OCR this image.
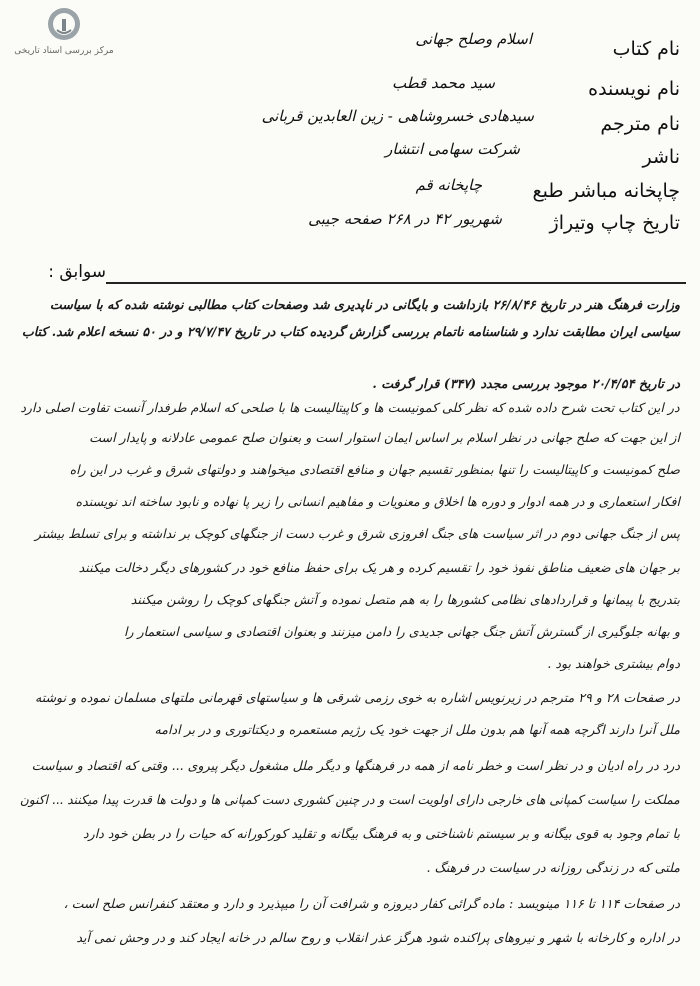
مرکز بررسی اسناد تاریخی	نام کتاب
اسلام وصلح جهانی
نام نویسنده
سید محمد قطب
نام مترجم
سیدهادی خسروشاهی - زین العابدین قربانی
ناشر
شرکت سهامی انتشار
چاپخانه مباشر طبع
چاپخانه قم
تاریخ چاپ وتیراژ
شهریور ۴۲ در ۲۶۸ صفحه جیبی
سوابق :
وزارت فرهنگ هنر در تاریخ ۲۶/۸/۴۶ بازداشت و بایگانی در ناپدیری شد وصفحات کتاب مطالبی نوشته شده که با سیاست
سیاسی ایران مطابقت ندارد و شناسنامه ناتمام بررسی گزارش گردیده کتاب در تاریخ ۲۹/۷/۴۷ و در ۵۰ نسخه اعلام شد. کتاب
در تاریخ ۲۰/۴/۵۴ موجود بررسی مجدد (۳۴۷) قرار گرفت .
در این کتاب تحت شرح داده شده که نظر کلی کمونیست ها و کاپیتالیست ها با صلحی که اسلام طرفدار آنست تفاوت اصلی دارد
از این جهت که صلح جهانی در نظر اسلام بر اساس ایمان استوار است و بعنوان صلح عمومی عادلانه و پایدار است
صلح کمونیست و کاپیتالیست را تنها بمنظور تقسیم جهان و منافع اقتصادی میخواهند و دولتهای شرق و غرب در این راه
افکار استعماری و در همه ادوار و دوره ها اخلاق و معنویات و مفاهیم انسانی را زیر پا نهاده و نابود ساخته اند نویسنده
پس از جنگ جهانی دوم در اثر سیاست های جنگ افروزی شرق و غرب دست از جنگهای کوچک بر نداشته و برای تسلط بیشتر
بر جهان های ضعیف مناطق نفوذ خود را تقسیم کرده و هر یک برای حفظ منافع خود در کشورهای دیگر دخالت میکنند
بتدریج با پیمانها و قراردادهای نظامی کشورها را به هم متصل نموده و آتش جنگهای کوچک را روشن میکنند
و بهانه جلوگیری از گسترش آتش جنگ جهانی جدیدی را دامن میزنند و بعنوان اقتصادی و سیاسی استعمار را
دوام بیشتری خواهند بود .
در صفحات ۲۸ و ۲۹ مترجم در زیرنویس اشاره به خوی رزمی شرقی ها و سیاستهای قهرمانی ملتهای مسلمان نموده و نوشته
ملل آنرا دارند اگرچه همه آنها هم بدون ملل از جهت خود یک رژیم مستعمره و دیکتاتوری و در بر ادامه
درد در راه ادیان و در نظر است و خطر نامه از همه در فرهنگها و دیگر ملل مشغول دیگر پیروی ... وقتی که اقتصاد و سیاست
مملکت را سیاست کمپانی های خارجی دارای اولویت است و در چنین کشوری دست کمپانی ها و دولت ها قدرت پیدا میکنند ... اکنون
با تمام وجود به قوی بیگانه و بر سیستم ناشناختی و به فرهنگ بیگانه و تقلید کورکورانه که حیات را در بطن خود دارد
ملتی که در زندگی روزانه در سیاست در فرهنگ .
در صفحات ۱۱۴ تا ۱۱۶ مینویسد : ماده گرائی کفار دیروزه و شرافت آن را میپذیرد و دارد و معتقد کنفرانس صلح است ،
در اداره و کارخانه با شهر و نیروهای پراکنده شود هرگز عذر انقلاب و روح سالم در خانه ایجاد کند و در وحش نمی آید
